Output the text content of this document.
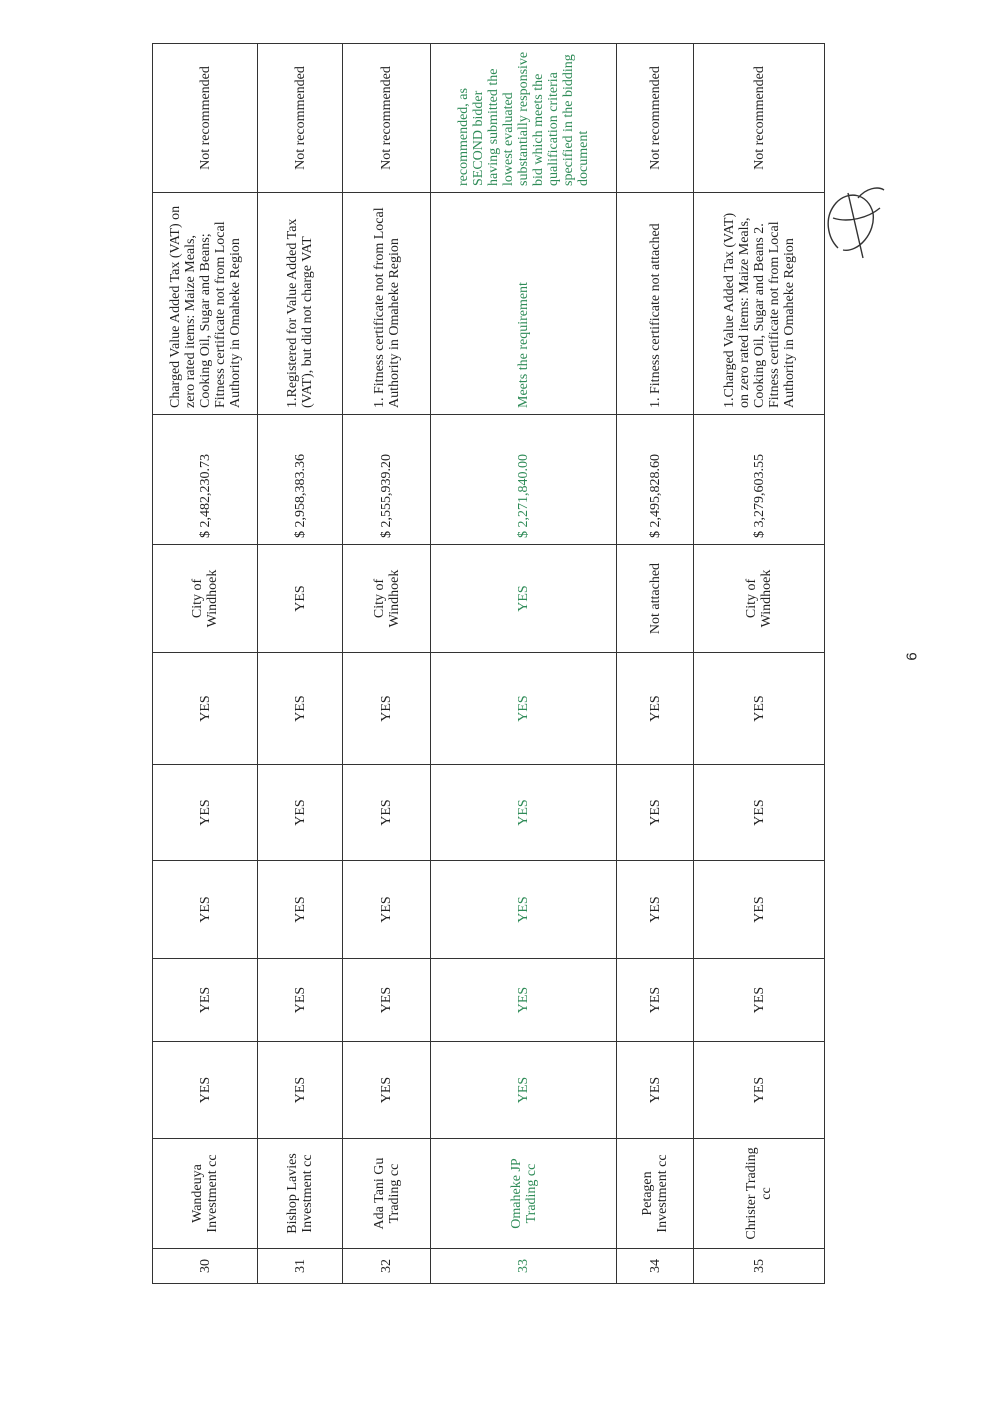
30	Wandeuya Investment cc	YES	YES	YES	YES	YES	City of Windhoek	$ 2,482,230.73	Charged Value Added Tax (VAT) on zero rated items: Maize Meals, Cooking Oil, Sugar and Beans; Fitness certificate not from Local Authority in Omaheke Region	Not recommended
31	Bishop Lavies Investment cc	YES	YES	YES	YES	YES	YES	$ 2,958,383.36	1.Registered for Value Added Tax (VAT), but did not charge VAT	Not recommended
32	Ada Tani Gu Trading cc	YES	YES	YES	YES	YES	City of Windhoek	$ 2,555,939.20	1. Fitness certificate not from Local Authority in Omaheke Region	Not recommended
33	Omaheke JP Trading cc	YES	YES	YES	YES	YES	YES	$ 2,271,840.00	Meets the requirement	recommended, as SECOND bidder having submitted the lowest evaluated substantially responsive bid which meets the qualification criteria specified in the bidding document
34	Petagen Investment cc	YES	YES	YES	YES	YES	Not attached	$ 2,495,828.60	1. Fitness certificate not attached	Not recommended
35	Christer Trading cc	YES	YES	YES	YES	YES	City of Windhoek	$ 3,279,603.55	1.Charged Value Added Tax (VAT) on zero rated items: Maize Meals, Cooking Oil, Sugar and Beans 2. Fitness certificate not from Local Authority in Omaheke Region	Not recommended
6
